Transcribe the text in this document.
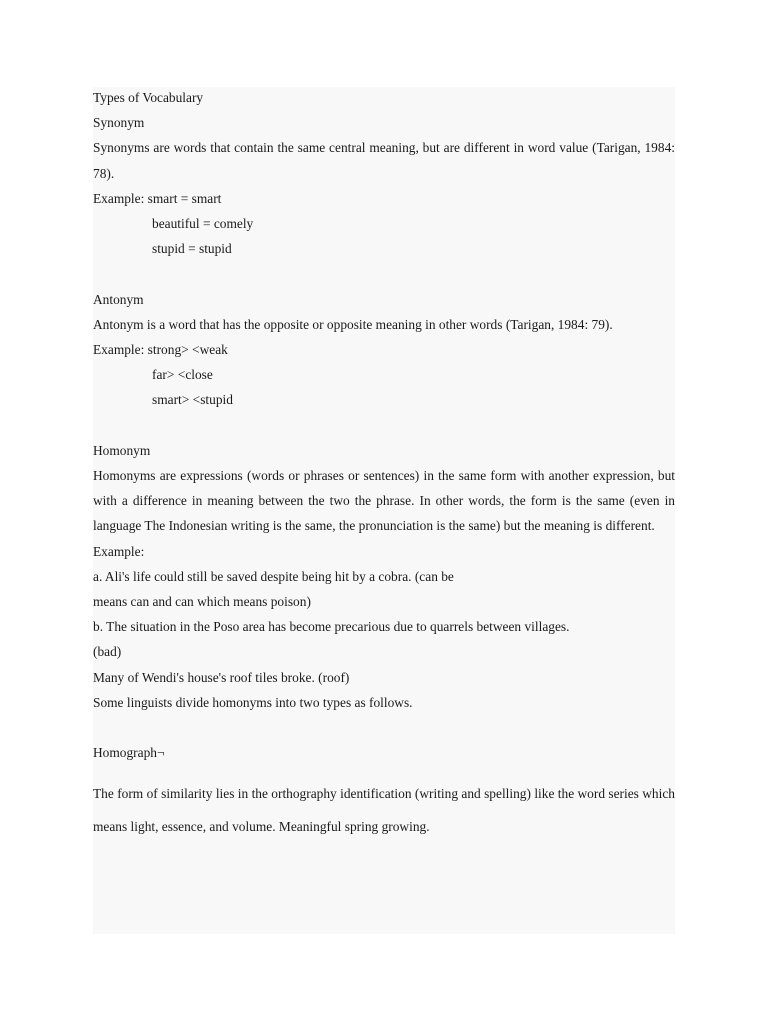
Types of Vocabulary

Synonym

Synonyms are words that contain the same central meaning, but are different in word value (Tarigan, 1984: 78).

Example: smart = smart

beautiful = comely

stupid = stupid

Antonym

Antonym is a word that has the opposite or opposite meaning in other words (Tarigan, 1984: 79).

Example: strong> <weak

far> <close

smart> <stupid

Homonym

Homonyms are expressions (words or phrases or sentences) in the same form with another expression, but with a difference in meaning between the two the phrase. In other words, the form is the same (even in language The Indonesian writing is the same, the pronunciation is the same) but the meaning is different.

Example:

a. Ali's life could still be saved despite being hit by a cobra. (can be

means can and can which means poison)

b. The situation in the Poso area has become precarious due to quarrels between villages.

(bad)

Many of Wendi's house's roof tiles broke. (roof)

Some linguists divide homonyms into two types as follows.

Homograph¬

The form of similarity lies in the orthography identification (writing and spelling) like the word series which means light, essence, and volume. Meaningful spring growing.
